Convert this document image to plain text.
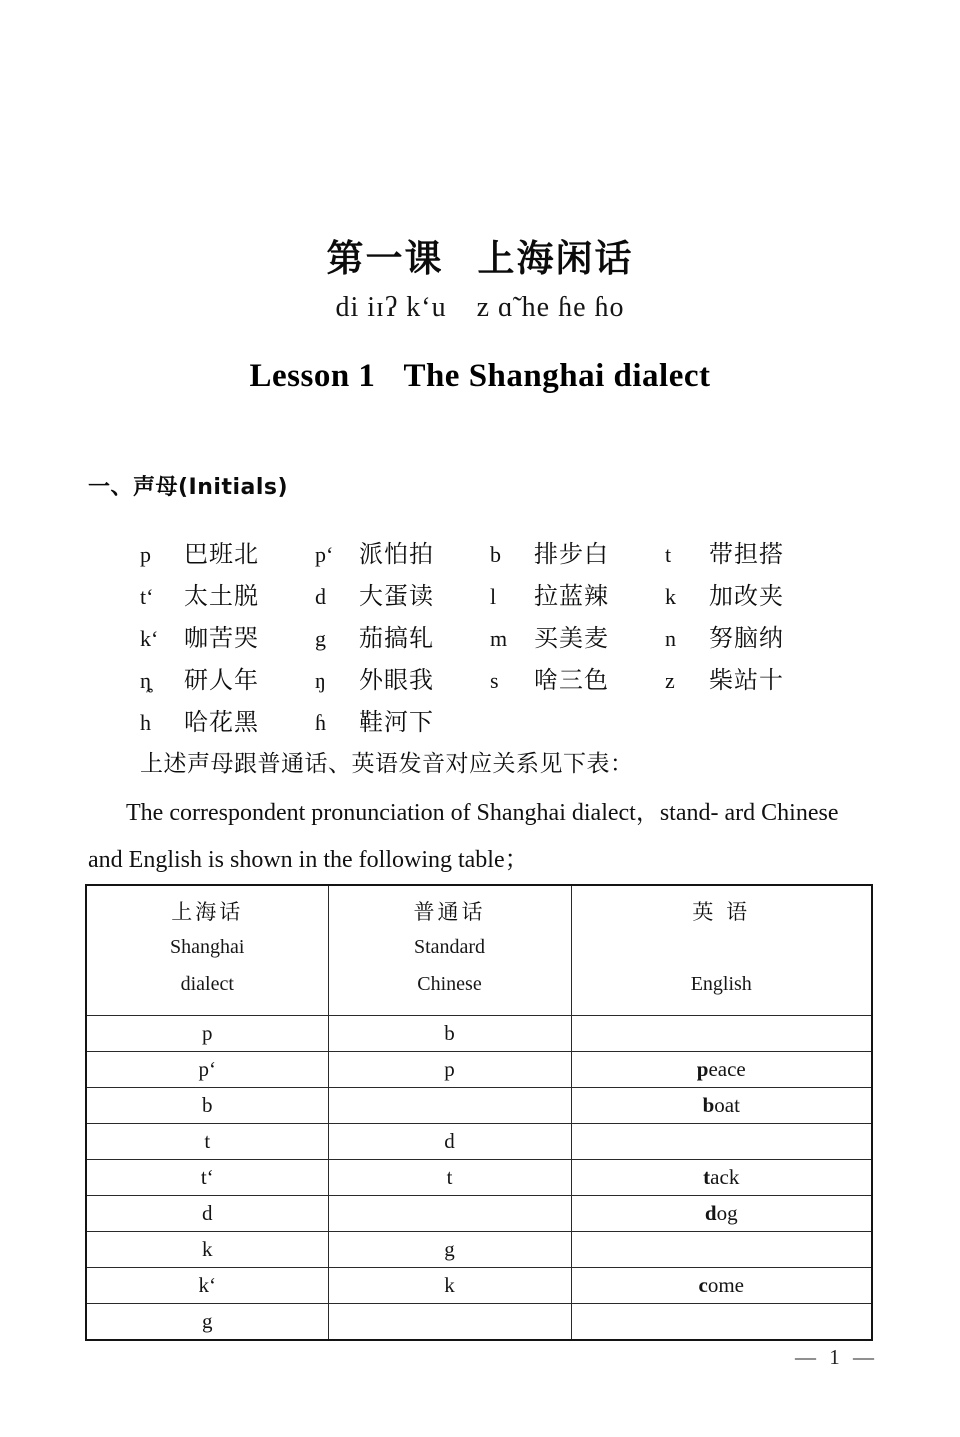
第一课 上海闲话
di iɪʔ kʻu z ɑ̃ he ɦe ɦo
Lesson 1 The Shanghai dialect
一、声母(Initials)
p	巴班北	pʻ	派怕拍	b	排步白	t	带担搭
tʻ	太土脱	d	大蛋读	l	拉蓝辣	k	加改夹
kʻ	咖苦哭	g	茄搞轧	m	买美麦	n	努脑纳
ȵ	研人年	ŋ	外眼我	s	啥三色	z	柴站十
h	哈花黑	ɦ	鞋河下
上述声母跟普通话、英语发音对应关系见下表：
The correspondent pronunciation of Shanghai dialect，stand- ard Chinese and English is shown in the following table；
上海话
Shanghai
dialect

普通话
Standard
Chinese

英 语
English

p	b	
pʻ	p	peace
b		boat
t	d	
tʻ	t	tack
d		dog
k	g	
kʻ	k	come
g		
— 1 —
